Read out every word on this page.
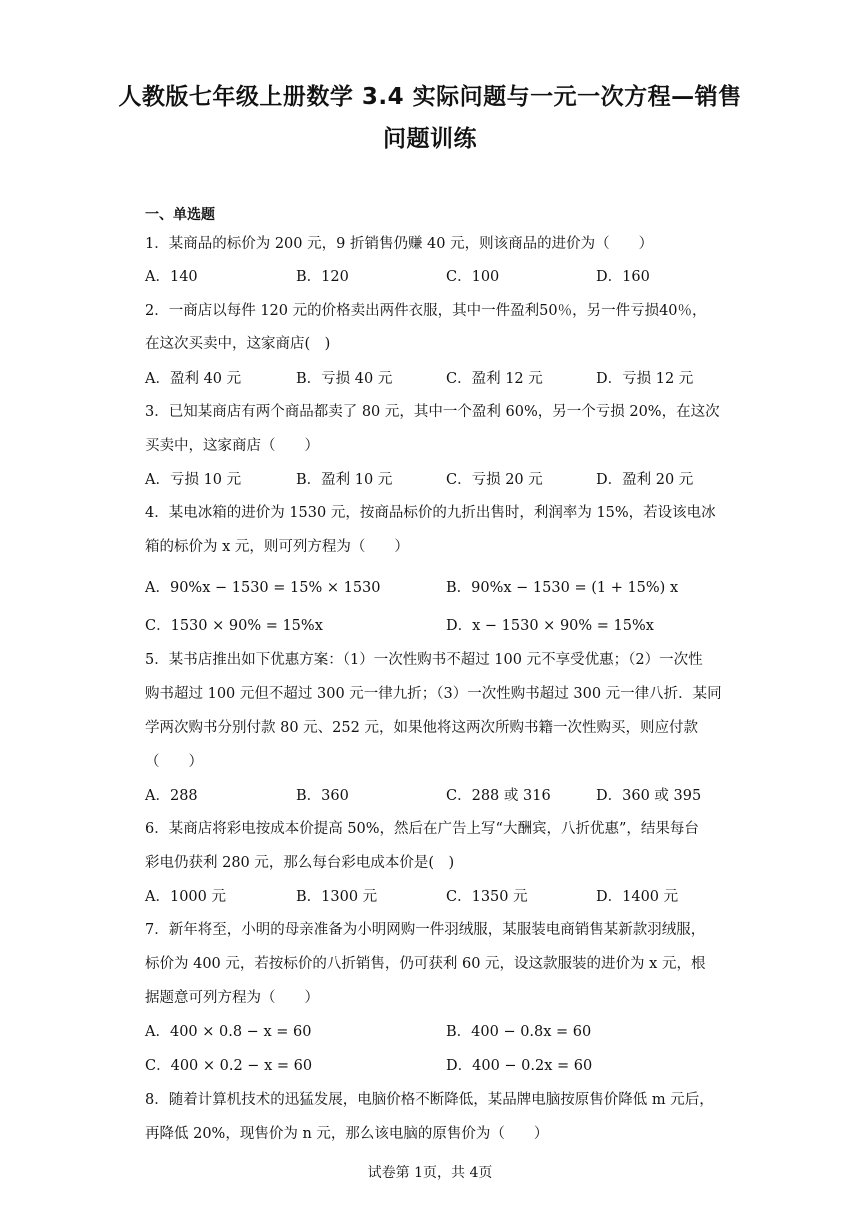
人教版七年级上册数学 3.4 实际问题与一元一次方程—销售
问题训练
一、单选题
1．某商品的标价为 200 元，9 折销售仍赚 40 元，则该商品的进价为（　　）
A．140	B．120	C．100	D．160
2．一商店以每件 120 元的价格卖出两件衣服，其中一件盈利50％，另一件亏损40％，
在这次买卖中，这家商店(　)
A．盈利 40 元	B．亏损 40 元	C．盈利 12 元	D．亏损 12 元
3．已知某商店有两个商品都卖了 80 元，其中一个盈利 60%，另一个亏损 20%，在这次
买卖中，这家商店（　　）
A．亏损 10 元	B．盈利 10 元	C．亏损 20 元	D．盈利 20 元
4．某电冰箱的进价为 1530 元，按商品标价的九折出售时，利润率为 15%，若设该电冰
箱的标价为 x 元，则可列方程为（　　）
A．90%x − 1530 = 15% × 1530	B．90%x − 1530 = (1 + 15%) x
C．1530 × 90% = 15%x	D．x − 1530 × 90% = 15%x
5．某书店推出如下优惠方案：（1）一次性购书不超过 100 元不享受优惠；（2）一次性
购书超过 100 元但不超过 300 元一律九折；（3）一次性购书超过 300 元一律八折．某同
学两次购书分别付款 80 元、252 元，如果他将这两次所购书籍一次性购买，则应付款
（　　）
A．288	B．360	C．288 或 316	D．360 或 395
6．某商店将彩电按成本价提高 50%，然后在广告上写“大酬宾，八折优惠”，结果每台
彩电仍获利 280 元，那么每台彩电成本价是(　)
A．1000 元	B．1300 元	C．1350 元	D．1400 元
7．新年将至，小明的母亲准备为小明网购一件羽绒服，某服装电商销售某新款羽绒服，
标价为 400 元，若按标价的八折销售，仍可获利 60 元，设这款服装的进价为 x 元，根
据题意可列方程为（　　）
A．400 × 0.8 − x = 60	B．400 − 0.8x = 60
C．400 × 0.2 − x = 60	D．400 − 0.2x = 60
8．随着计算机技术的迅猛发展，电脑价格不断降低，某品牌电脑按原售价降低 m 元后，
再降低 20%，现售价为 n 元，那么该电脑的原售价为（　　）
试卷第 1页，共 4页
